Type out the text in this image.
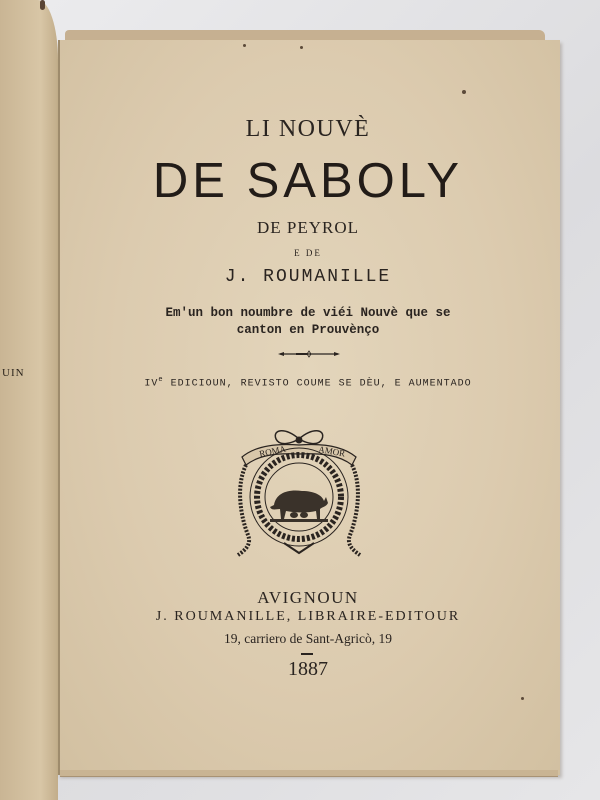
UIN
LI NOUVÈ
DE SABOLY
DE PEYROL
E DE
J. ROUMANILLE
Em'un bon noumbre de viéi Nouvè que se
canton en Prouvènço
IVe EDICIOUN, REVISTO COUME SE DÈU, E AUMENTADO
ROMA	AMOR
AVIGNOUN
J. ROUMANILLE, LIBRAIRE-EDITOUR
19, carriero de Sant-Agricò, 19
1887
